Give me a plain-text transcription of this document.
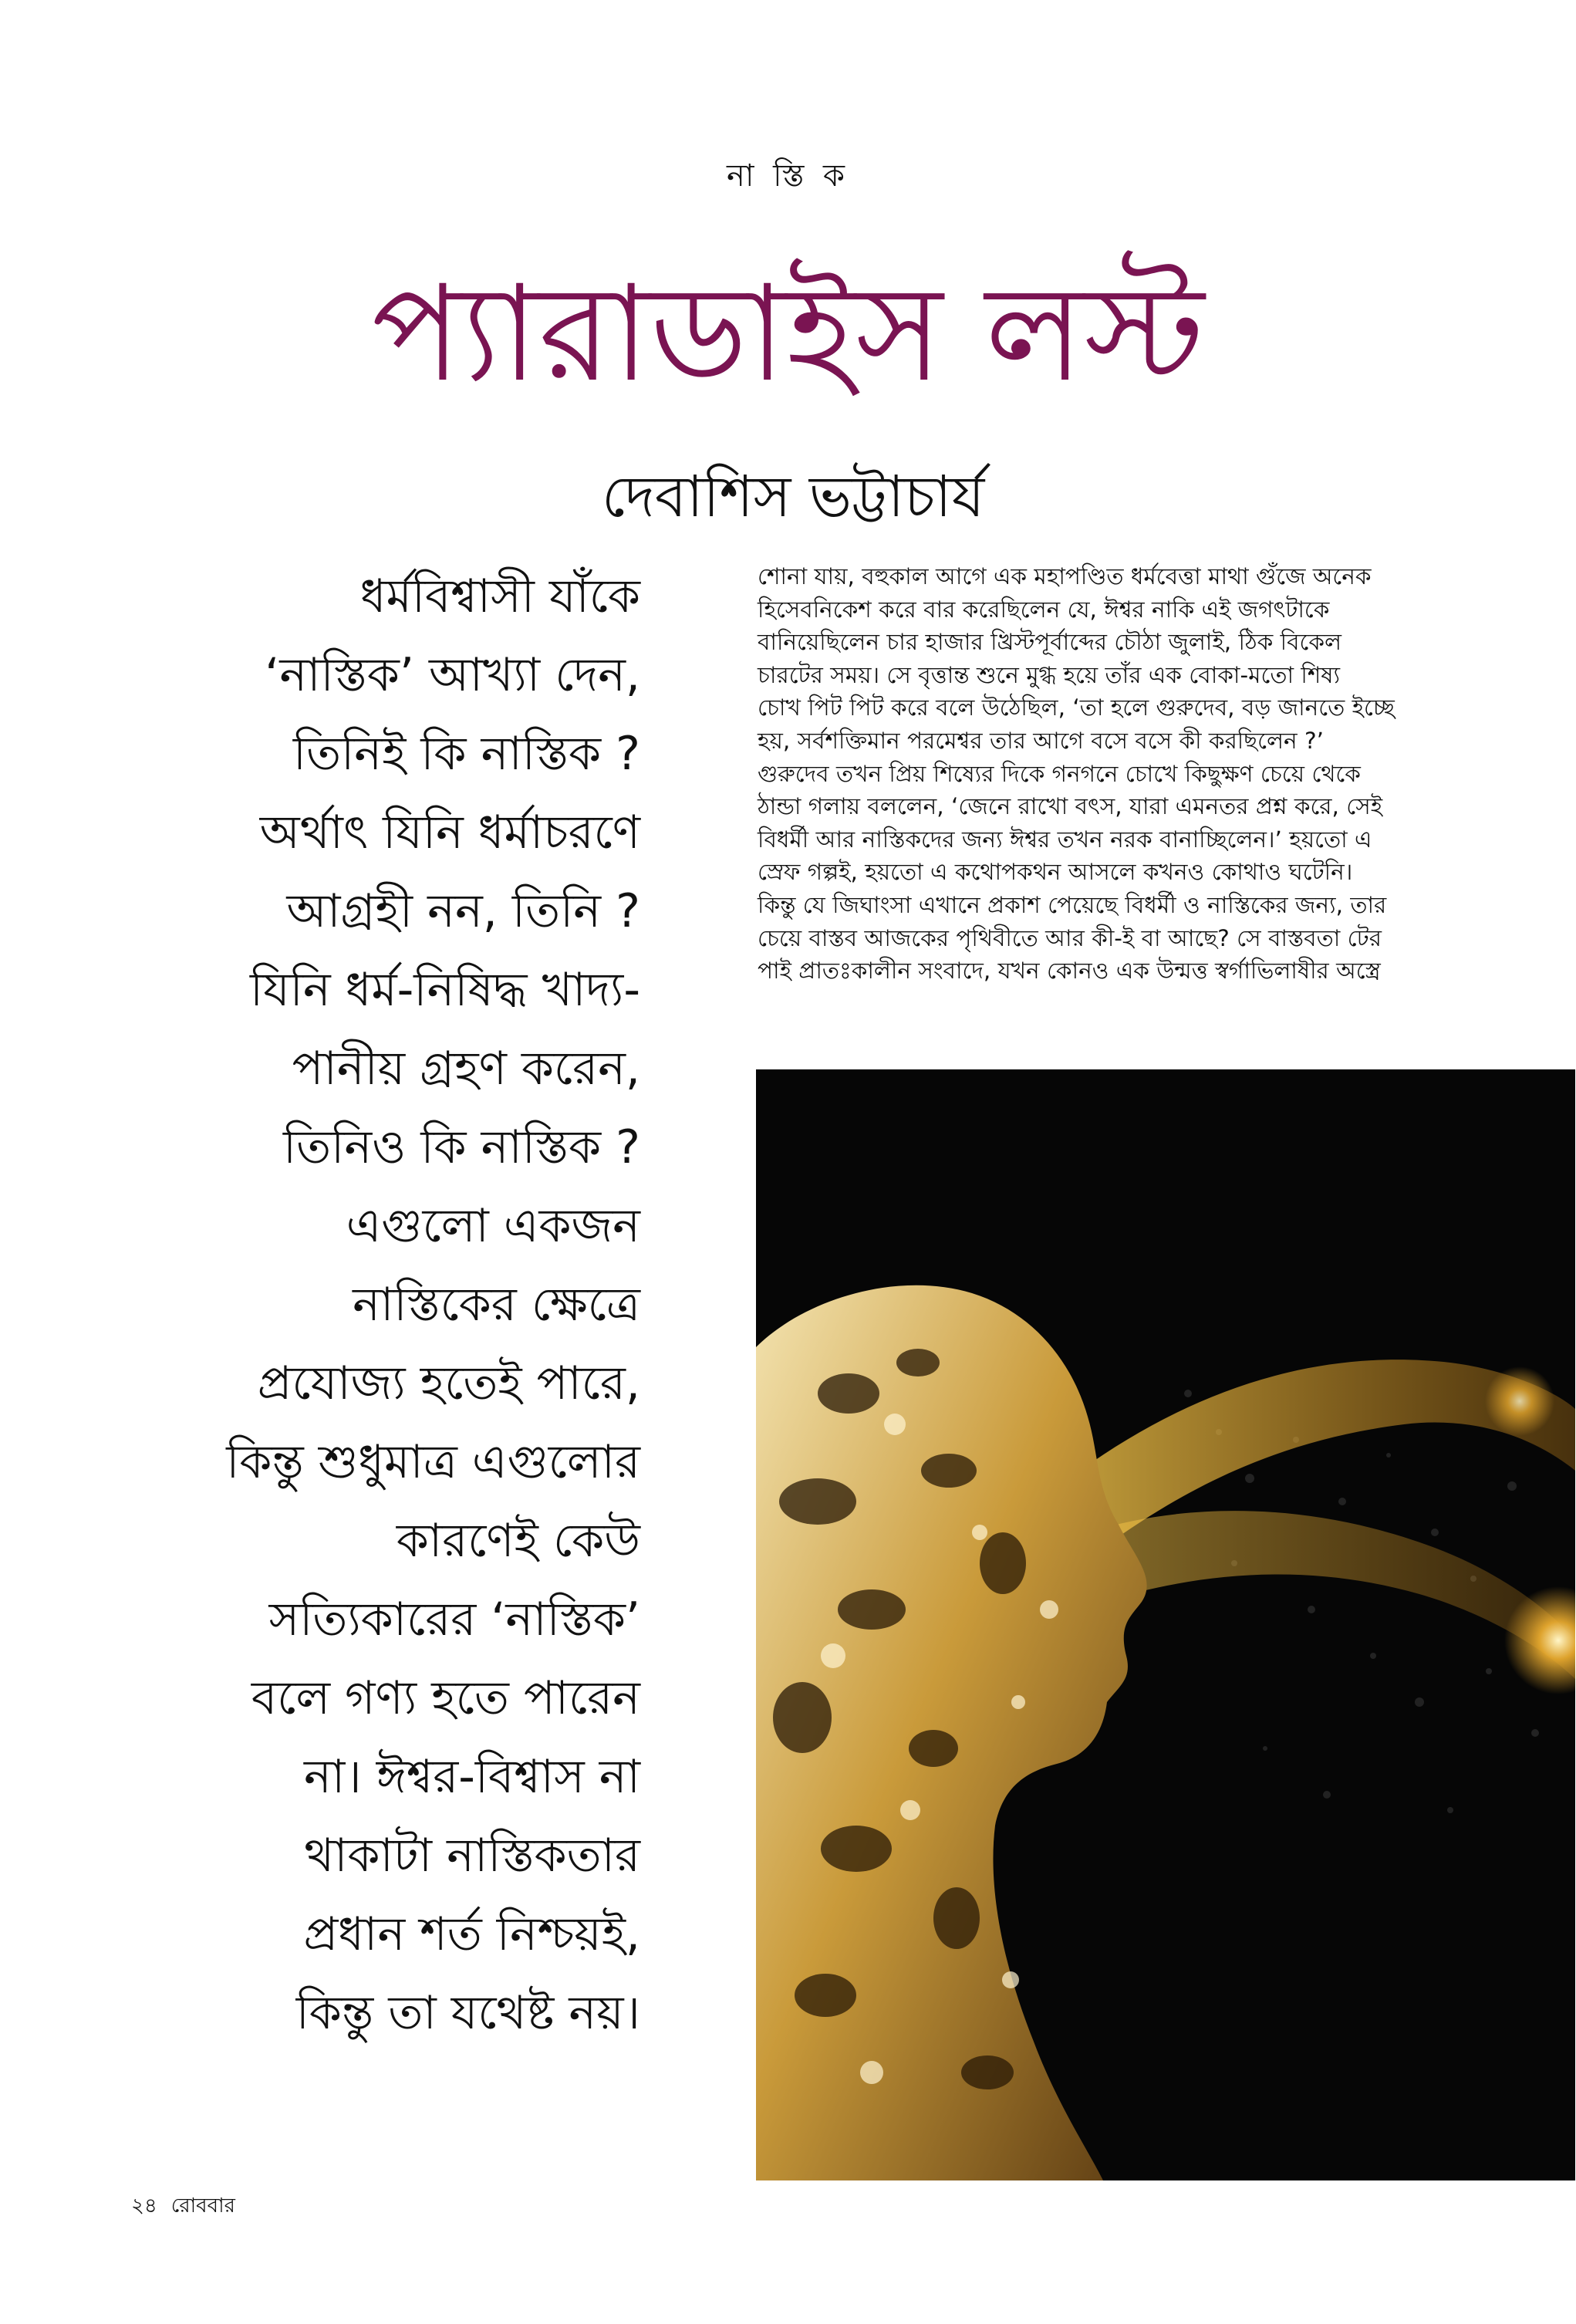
না স্তি ক
প্যারাডাইস লস্ট
দেবাশিস ভট্টাচার্য
ধর্মবিশ্বাসী যাঁকে
‘নাস্তিক’ আখ্যা দেন,
তিনিই কি নাস্তিক ?
অর্থাৎ যিনি ধর্মাচরণে
আগ্রহী নন, তিনি ?
যিনি ধর্ম-নিষিদ্ধ খাদ্য-
পানীয় গ্রহণ করেন,
তিনিও কি নাস্তিক ?
এগুলো একজন
নাস্তিকের ক্ষেত্রে
প্রযোজ্য হতেই পারে,
কিন্তু শুধুমাত্র এগুলোর
কারণেই কেউ
সত্যিকারের ‘নাস্তিক’
বলে গণ্য হতে পারেন
না। ঈশ্বর-বিশ্বাস না
থাকাটা নাস্তিকতার
প্রধান শর্ত নিশ্চয়ই,
কিন্তু তা যথেষ্ট নয়।
শোনা যায়, বহুকাল আগে এক মহাপণ্ডিত ধর্মবেত্তা মাথা গুঁজে অনেক
হিসেবনিকেশ করে বার করেছিলেন যে, ঈশ্বর নাকি এই জগৎটাকে
বানিয়েছিলেন চার হাজার খ্রিস্টপূর্বাব্দের চৌঠা জুলাই, ঠিক বিকেল
চারটের সময়। সে বৃত্তান্ত শুনে মুগ্ধ হয়ে তাঁর এক বোকা-মতো শিষ্য
চোখ পিট পিট করে বলে উঠেছিল, ‘তা হলে গুরুদেব, বড় জানতে ইচ্ছে
হয়, সর্বশক্তিমান পরমেশ্বর তার আগে বসে বসে কী করছিলেন ?’
গুরুদেব তখন প্রিয় শিষ্যের দিকে গনগনে চোখে কিছুক্ষণ চেয়ে থেকে
ঠান্ডা গলায় বললেন, ‘জেনে রাখো বৎস, যারা এমনতর প্রশ্ন করে, সেই
বিধর্মী আর নাস্তিকদের জন্য ঈশ্বর তখন নরক বানাচ্ছিলেন।’ হয়তো এ
স্রেফ গল্পই, হয়তো এ কথোপকথন আসলে কখনও কোথাও ঘটেনি।
কিন্তু যে জিঘাংসা এখানে প্রকাশ পেয়েছে বিধর্মী ও নাস্তিকের জন্য, তার
চেয়ে বাস্তব আজকের পৃথিবীতে আর কী-ই বা আছে? সে বাস্তবতা টের
পাই প্রাতঃকালীন সংবাদে, যখন কোনও এক উন্মত্ত স্বর্গাভিলাষীর অস্ত্রে
২৪ রোববার
